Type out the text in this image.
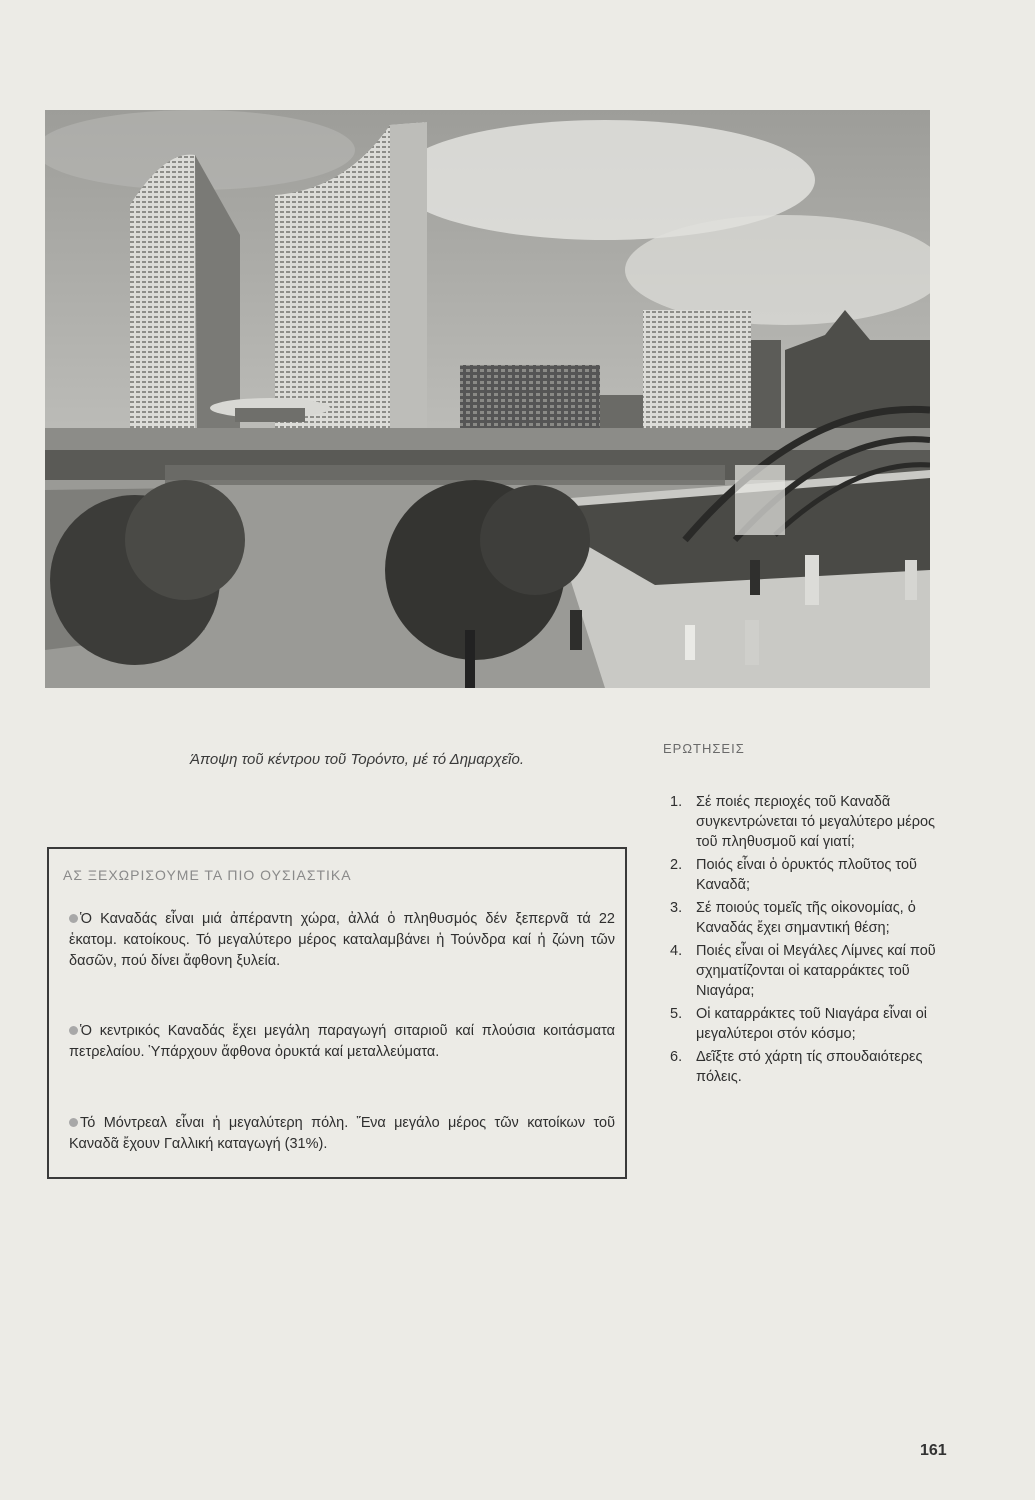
Άποψη τοῦ κέντρου τοῦ Τορόντο, μέ τό Δημαρχεῖο.
ΑΣ ΞΕΧΩΡΙΣΟΥΜΕ ΤΑ ΠΙΟ ΟΥΣΙΑΣΤΙΚΑ
Ὁ Καναδάς εἶναι μιά ἀπέραντη χώρα, ἀλλά ὁ πληθυσμός δέν ξεπερνᾶ τά 22 ἑκατομ. κατοίκους. Τό μεγαλύτερο μέρος καταλαμβάνει ἡ Τούνδρα καί ἡ ζώνη τῶν δασῶν, πού δίνει ἄφθονη ξυλεία.
Ὁ κεντρικός Καναδάς ἔχει μεγάλη παραγωγή σιταριοῦ καί πλούσια κοιτάσματα πετρελαίου. Ὑπάρχουν ἄφθονα ὀρυκτά καί μεταλλεύματα.
Τό Μόντρεαλ εἶναι ἡ μεγαλύτερη πόλη. Ἕνα μεγάλο μέρος τῶν κατοίκων τοῦ Καναδᾶ ἔχουν Γαλλική καταγωγή (31%).
ΕΡΩΤΗΣΕΙΣ
1. Σέ ποιές περιοχές τοῦ Καναδᾶ συγκεντρώνεται τό μεγαλύτερο μέρος τοῦ πληθυσμοῦ καί γιατί;
2. Ποιός εἶναι ὁ ὀρυκτός πλοῦτος τοῦ Καναδᾶ;
3. Σέ ποιούς τομεῖς τῆς οἰκονομίας, ὁ Καναδάς ἔχει σημαντική θέση;
4. Ποιές εἶναι οἱ Μεγάλες Λίμνες καί ποῦ σχηματίζονται οἱ καταρράκτες τοῦ Νιαγάρα;
5. Οἱ καταρράκτες τοῦ Νιαγάρα εἶναι οἱ μεγαλύτεροι στόν κόσμο;
6. Δεῖξτε στό χάρτη τίς σπουδαιότερες πόλεις.
161
